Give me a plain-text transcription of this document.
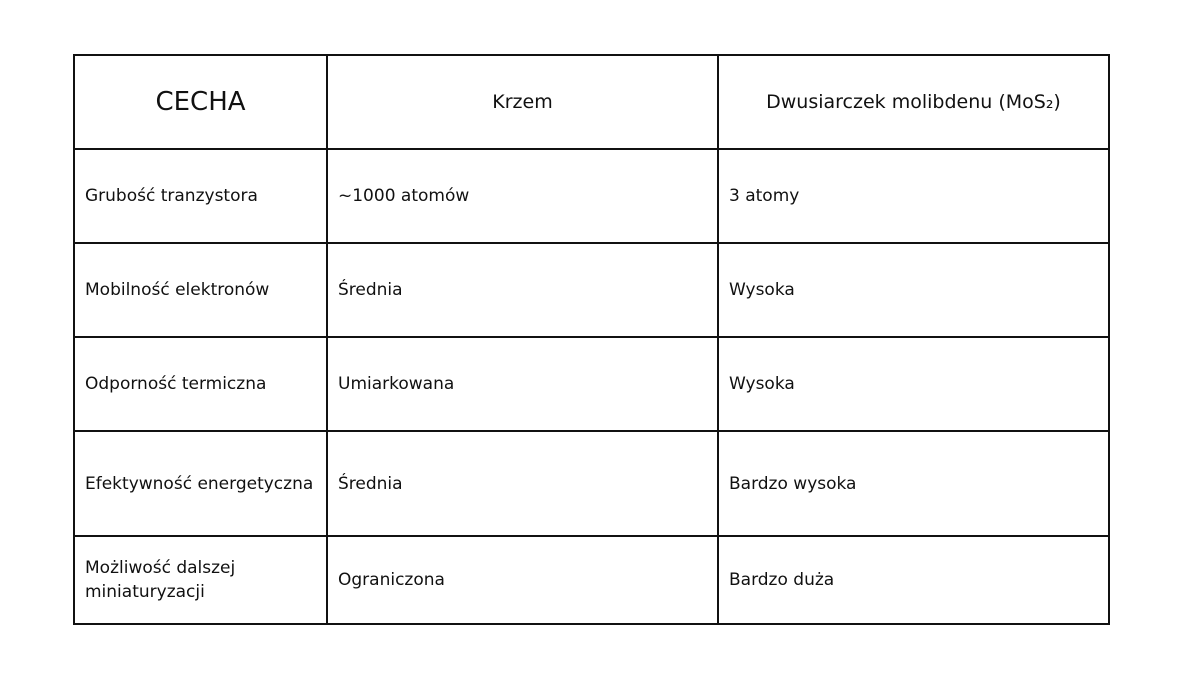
CECHA	Krzem	Dwusiarczek molibdenu (MoS₂)
Grubość tranzystora	~1000 atomów	3 atomy
Mobilność elektronów	Średnia	Wysoka
Odporność termiczna	Umiarkowana	Wysoka
Efektywność energetyczna	Średnia	Bardzo wysoka
Możliwość dalszej miniaturyzacji	Ograniczona	Bardzo duża
